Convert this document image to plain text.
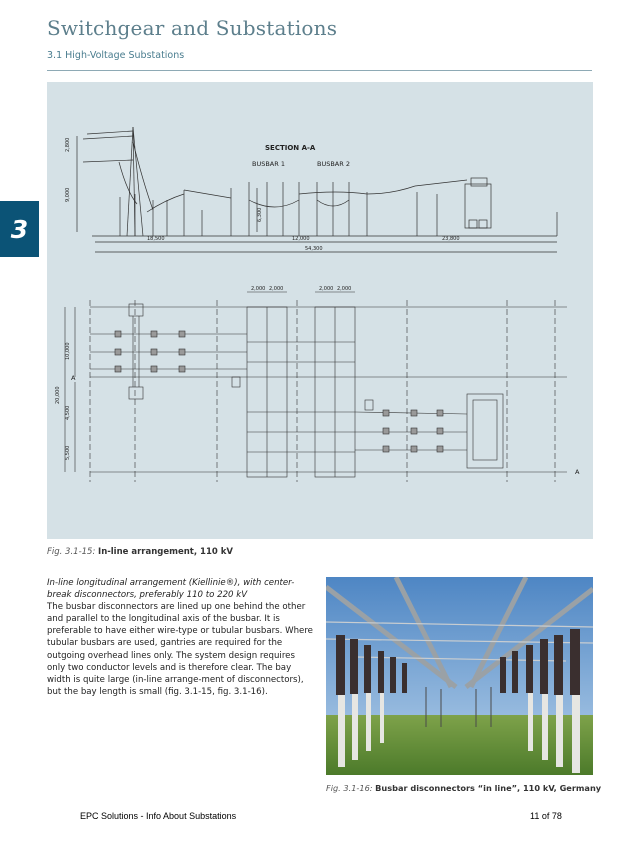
Switchgear and Substations
3.1 High-Voltage Substations
3
SECTION A-A
BUSBAR 1	BUSBAR 2
2,800
9,000
6,300
18,500	12,000	23,800
54,300
2,000 2,000	2,000 2,000
10,000
20,000
4,500
5,500
A
A
Fig. 3.1-15: In-line arrangement, 110 kV
In-line longitudinal arrangement (Kiellinie®), with center-break disconnectors, preferably 110 to 220 kV
The busbar disconnectors are lined up one behind the other and parallel to the longitudinal axis of the busbar. It is preferable to have either wire-type or tubular busbars. Where tubular busbars are used, gantries are required for the outgoing overhead lines only. The system design requires only two conductor levels and is therefore clear. The bay width is quite large (in-line arrange-ment of disconnectors), but the bay length is small (fig. 3.1-15, fig. 3.1-16).
Fig. 3.1-16: Busbar disconnectors “in line”, 110 kV, Germany
EPC Solutions - Info About Substations	11 of 78
